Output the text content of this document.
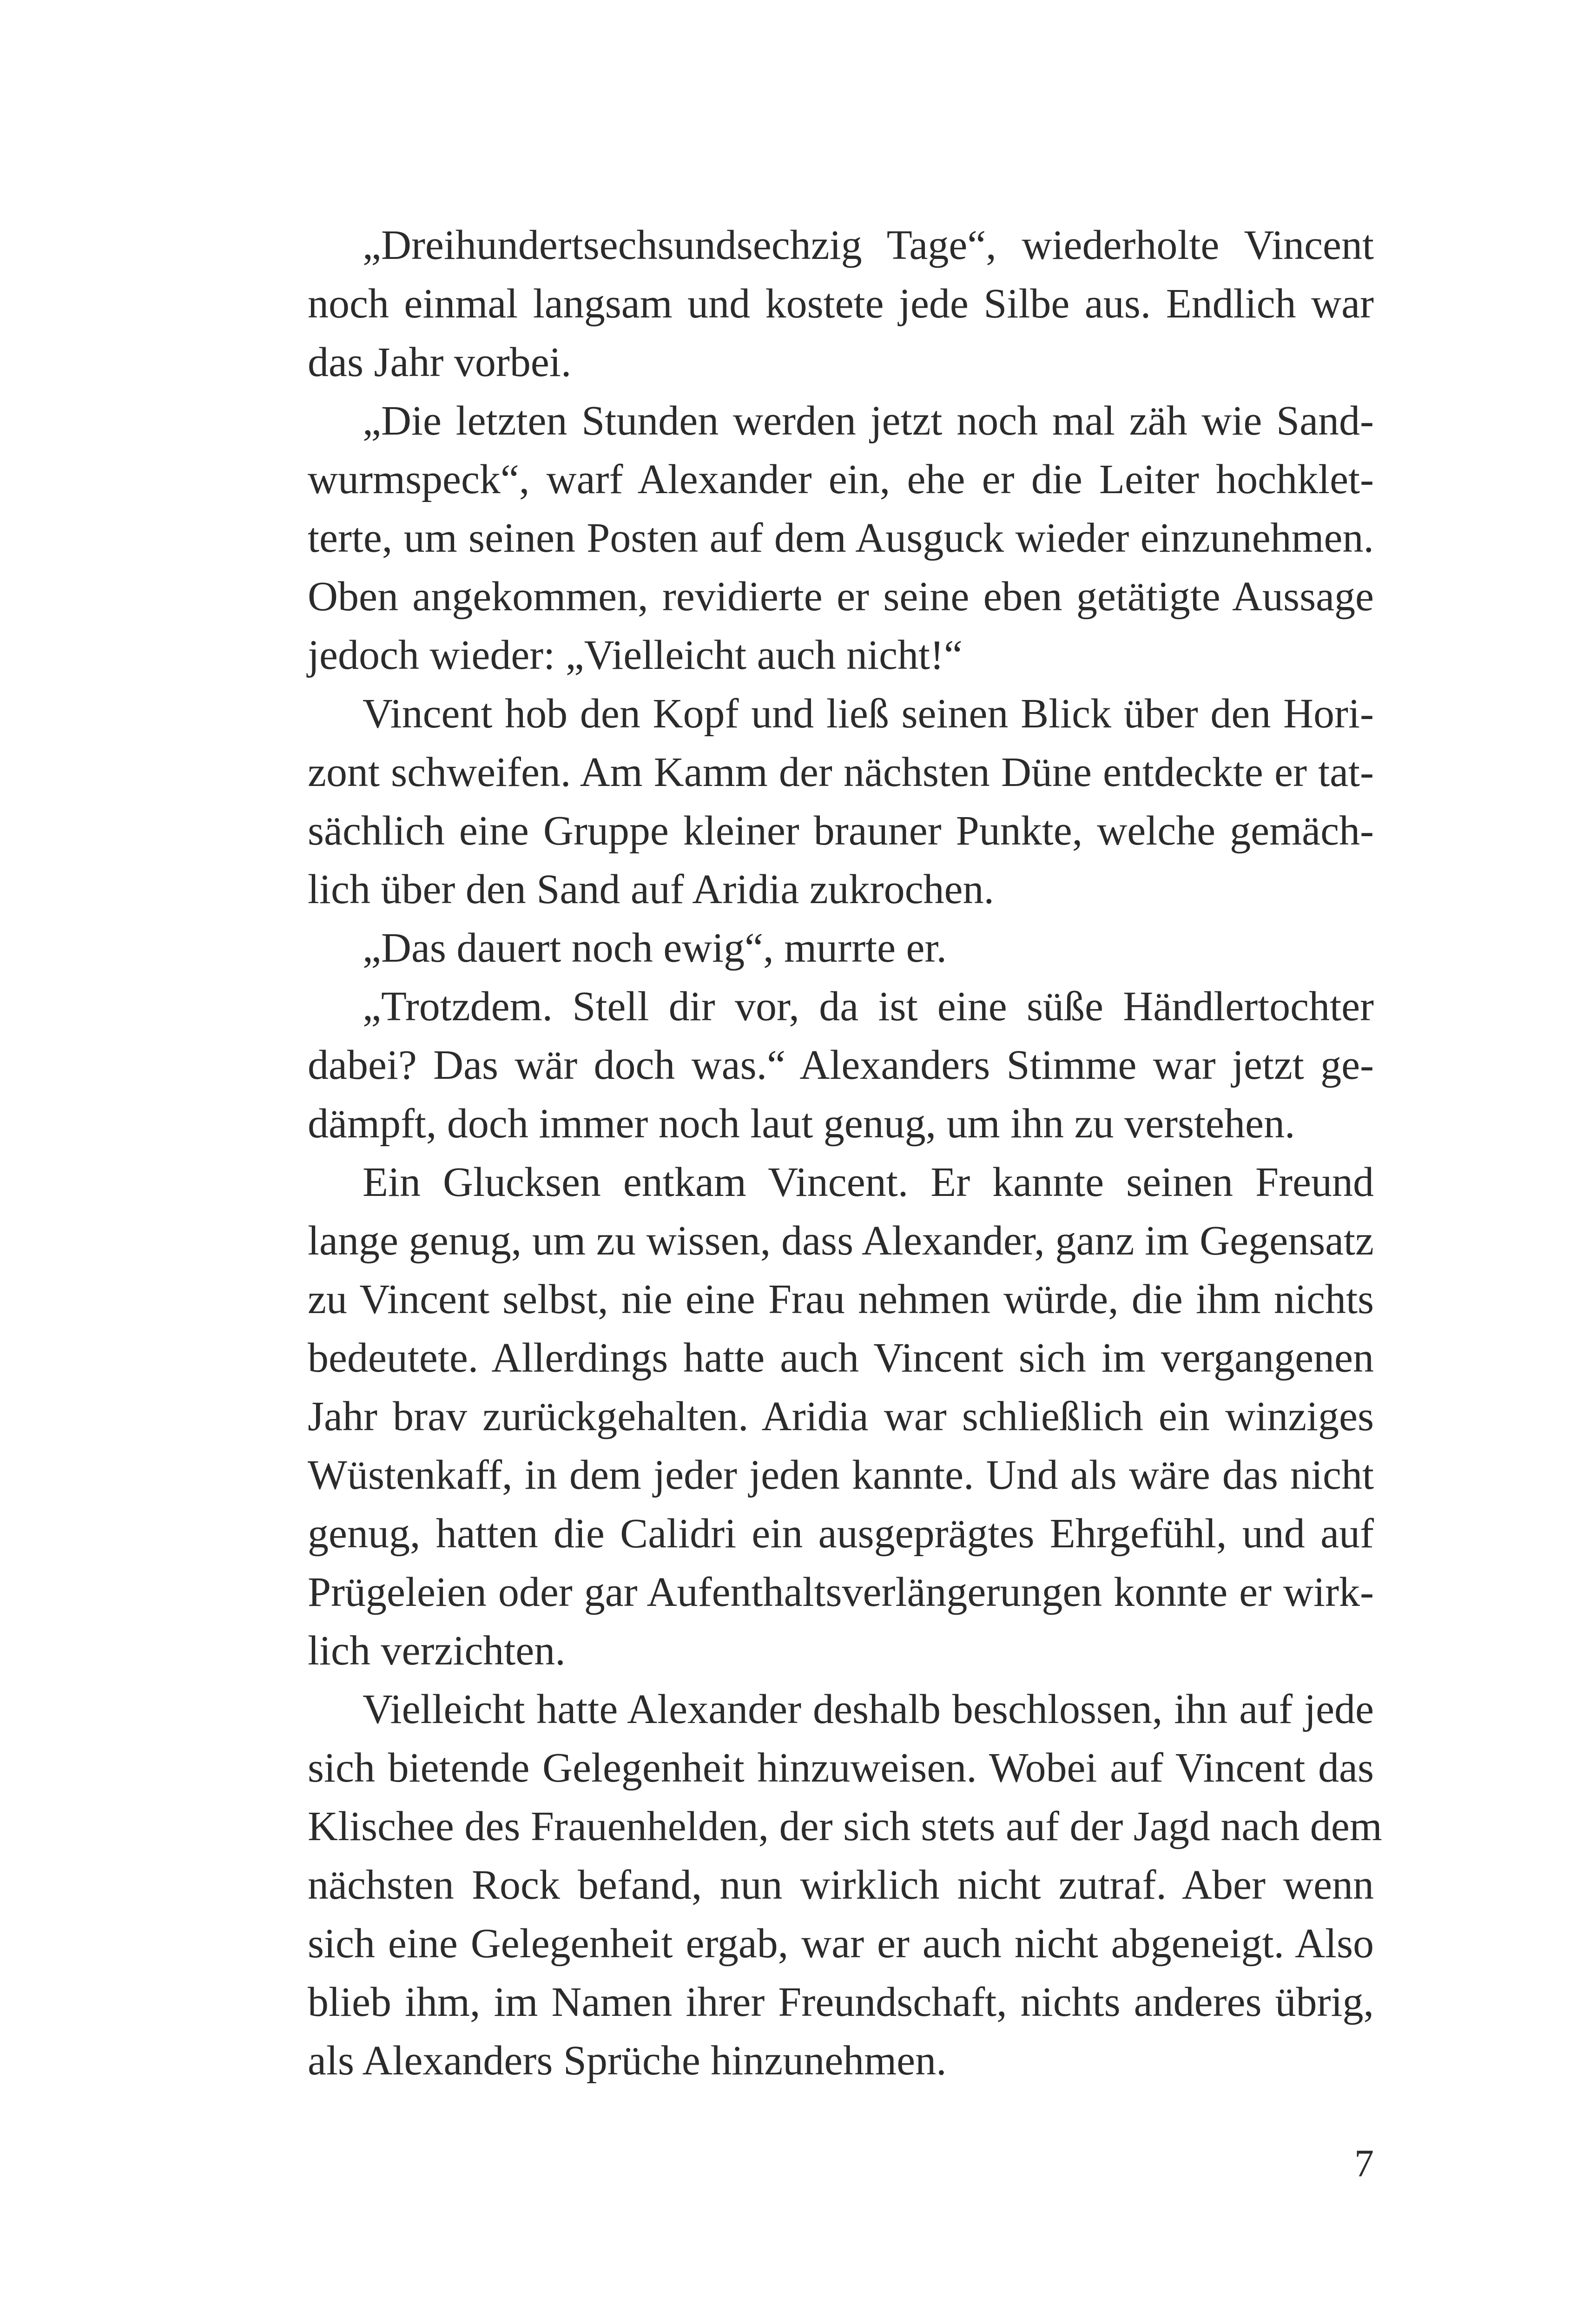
„Dreihundertsechsundsechzig Tage“, wiederholte Vincent
noch einmal langsam und kostete jede Silbe aus. Endlich war
das Jahr vorbei.
„Die letzten Stunden werden jetzt noch mal zäh wie Sand-
wurmspeck“, warf Alexander ein, ehe er die Leiter hochklet-
terte, um seinen Posten auf dem Ausguck wieder einzunehmen.
Oben angekommen, revidierte er seine eben getätigte Aussage
jedoch wieder: „Vielleicht auch nicht!“
Vincent hob den Kopf und ließ seinen Blick über den Hori-
zont schweifen. Am Kamm der nächsten Düne entdeckte er tat-
sächlich eine Gruppe kleiner brauner Punkte, welche gemäch-
lich über den Sand auf Aridia zukrochen.
„Das dauert noch ewig“, murrte er.
„Trotzdem. Stell dir vor, da ist eine süße Händlertochter
dabei? Das wär doch was.“ Alexanders Stimme war jetzt ge-
dämpft, doch immer noch laut genug, um ihn zu verstehen.
Ein Glucksen entkam Vincent. Er kannte seinen Freund
lange genug, um zu wissen, dass Alexander, ganz im Gegensatz
zu Vincent selbst, nie eine Frau nehmen würde, die ihm nichts
bedeutete. Allerdings hatte auch Vincent sich im vergangenen
Jahr brav zurückgehalten. Aridia war schließlich ein winziges
Wüstenkaff, in dem jeder jeden kannte. Und als wäre das nicht
genug, hatten die Calidri ein ausgeprägtes Ehrgefühl, und auf
Prügeleien oder gar Aufenthaltsverlängerungen konnte er wirk-
lich verzichten.
Vielleicht hatte Alexander deshalb beschlossen, ihn auf jede
sich bietende Gelegenheit hinzuweisen. Wobei auf Vincent das
Klischee des Frauenhelden, der sich stets auf der Jagd nach dem
nächsten Rock befand, nun wirklich nicht zutraf. Aber wenn
sich eine Gelegenheit ergab, war er auch nicht abgeneigt. Also
blieb ihm, im Namen ihrer Freundschaft, nichts anderes übrig,
als Alexanders Sprüche hinzunehmen.
7
